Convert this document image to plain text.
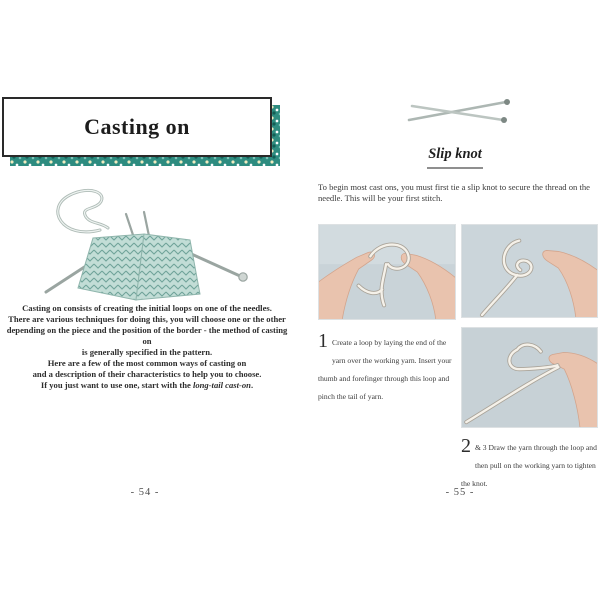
Casting on
Casting on consists of creating the initial loops on one of the needles.
There are various techniques for doing this, you will choose one or the other
depending on the piece and the position of the border - the method of casting on
is generally specified in the pattern.
Here are a few of the most common ways of casting on
and a description of their characteristics to help you to choose.
If you just want to use one, start with the long-tail cast-on.
- 54 -
Slip knot
To begin most cast ons, you must first tie a slip knot to secure the thread on the needle. This will be your first stitch.
1 Create a loop by laying the end of the yarn over the working yarn. Insert your thumb and forefinger through this loop and pinch the tail of yarn.
2 & 3 Draw the yarn through the loop and then pull on the working yarn to tighten the knot.
- 55 -
